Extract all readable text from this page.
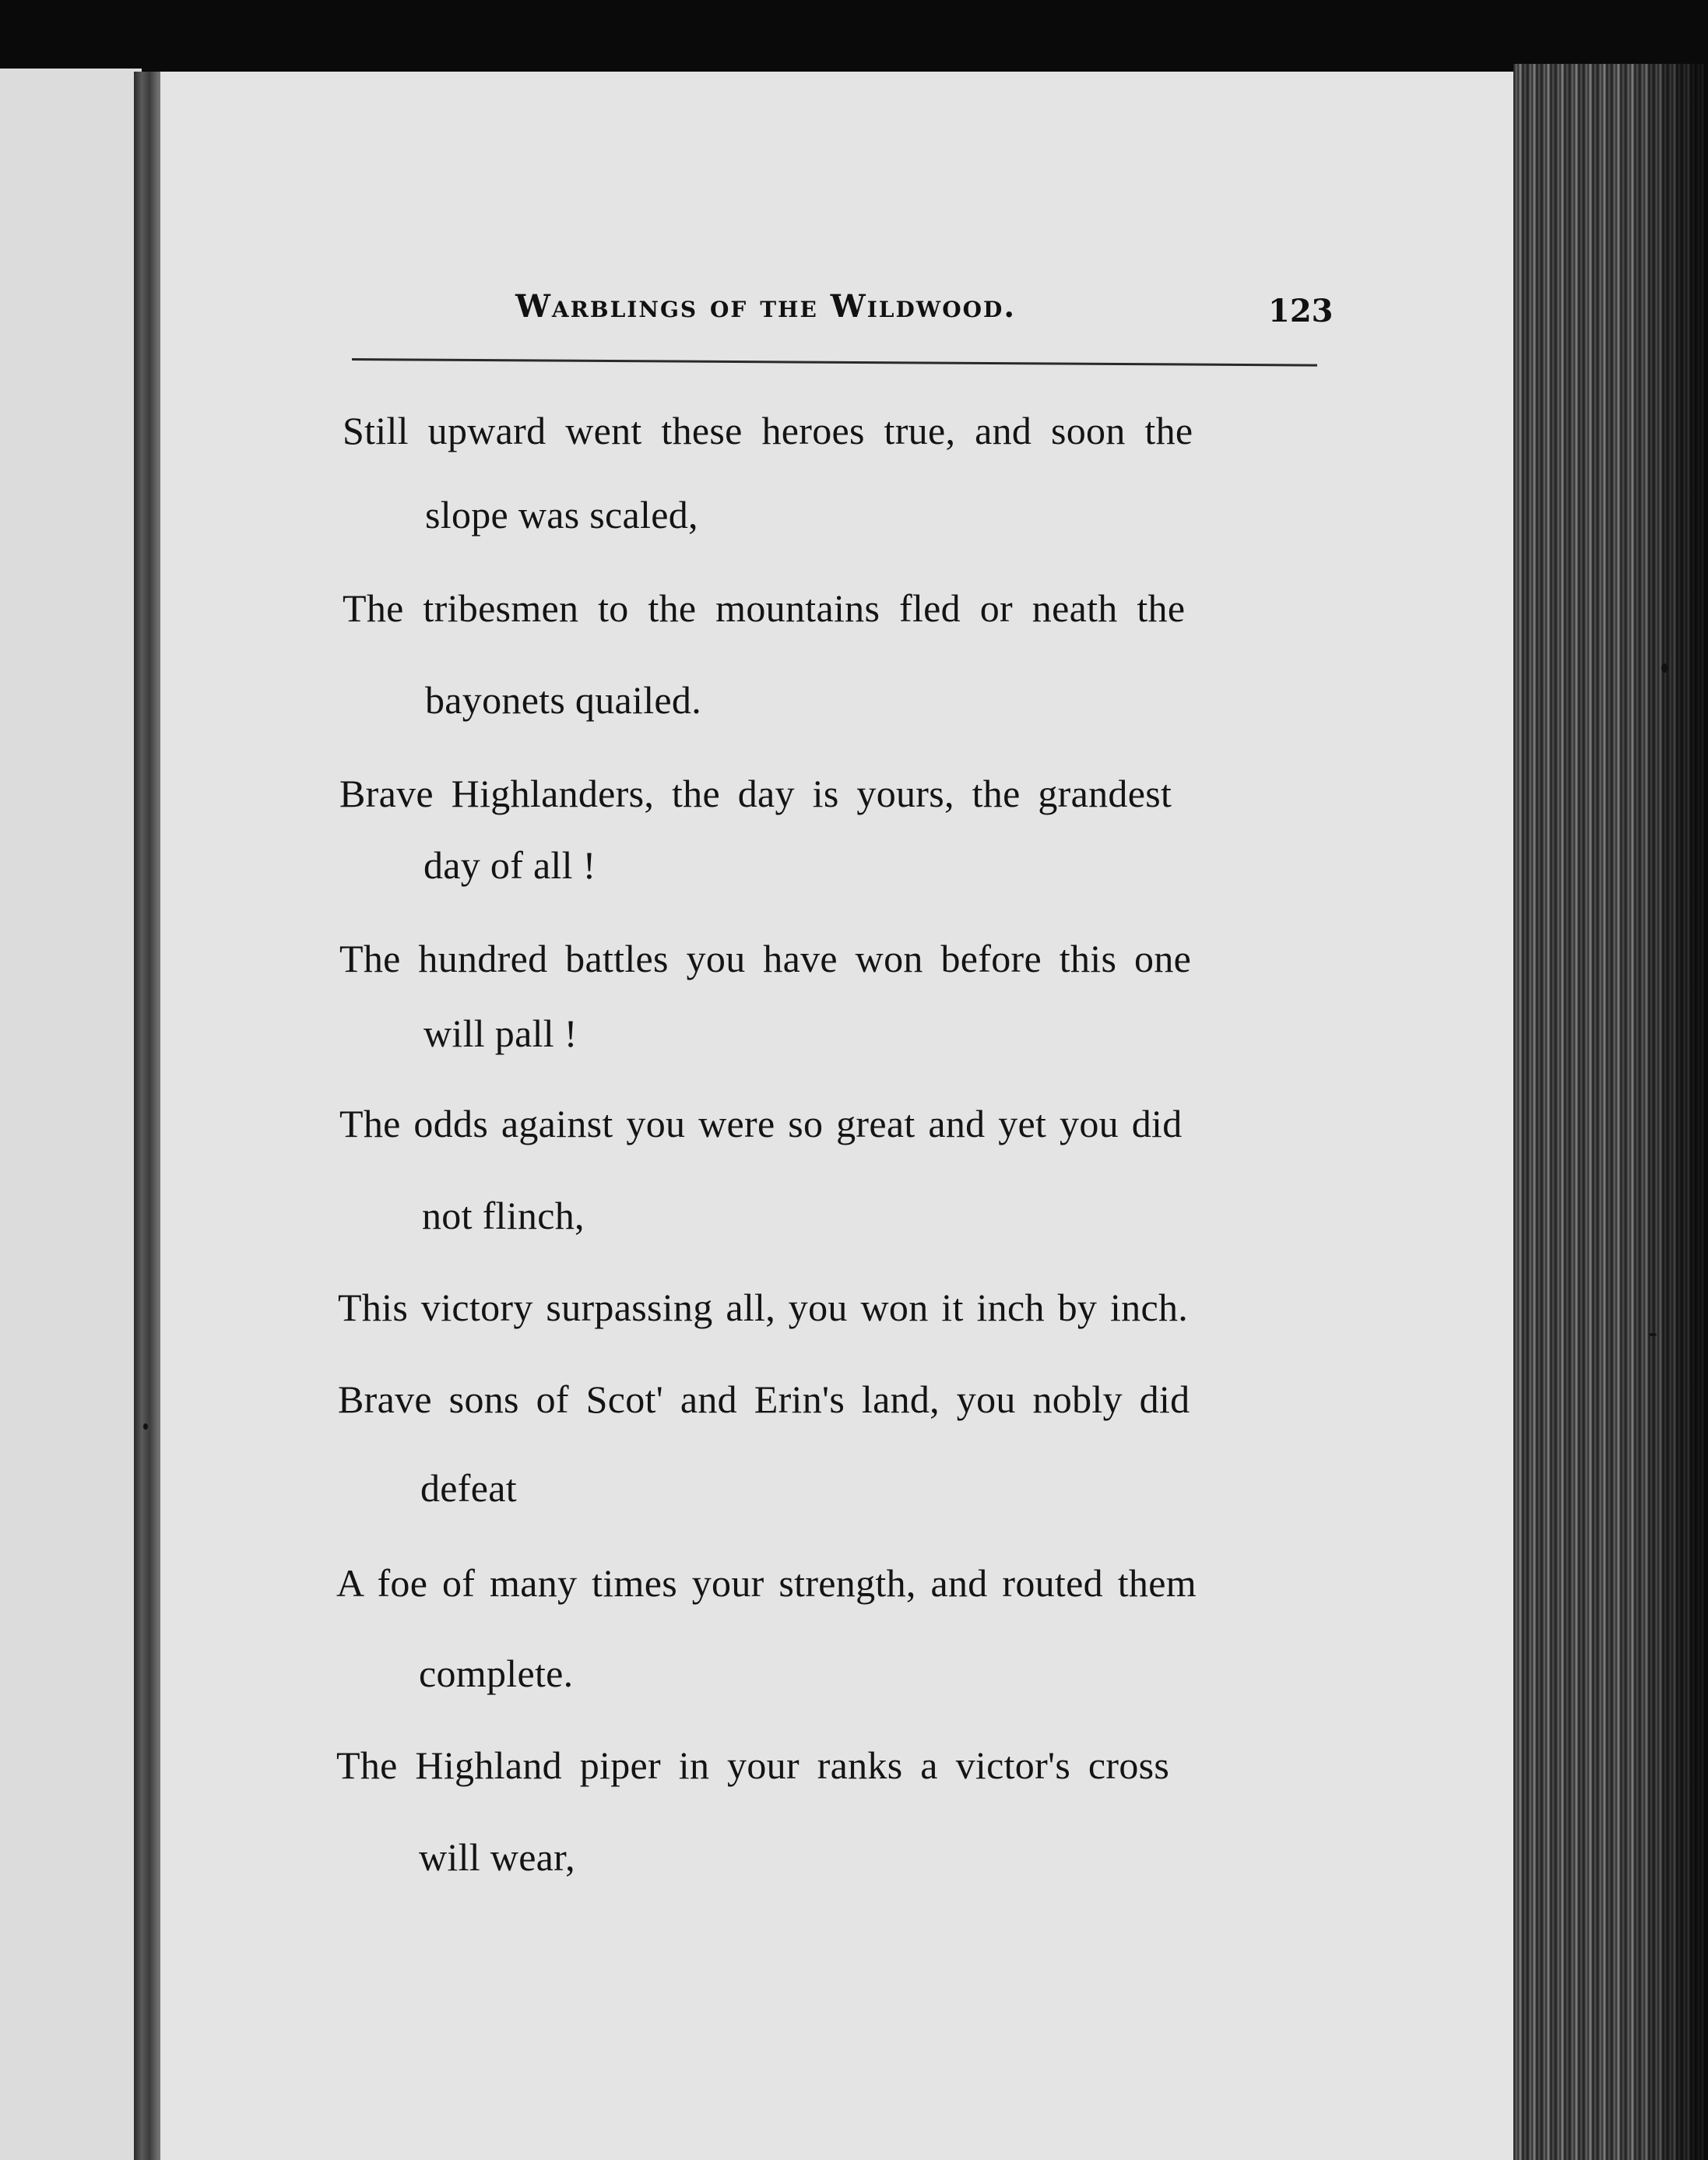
Warblings of the Wildwood.	123
Still upward went these heroes true, and soon the
slope was scaled,
The tribesmen to the mountains fled or neath the
bayonets quailed.
Brave Highlanders, the day is yours, the grandest
day of all !
The hundred battles you have won before this one
will pall !
The odds against you were so great and yet you did
not flinch,
This victory surpassing all, you won it inch by inch.
Brave sons of Scot' and Erin's land, you nobly did
defeat
A foe of many times your strength, and routed them
complete.
The Highland piper in your ranks a victor's cross
will wear,
